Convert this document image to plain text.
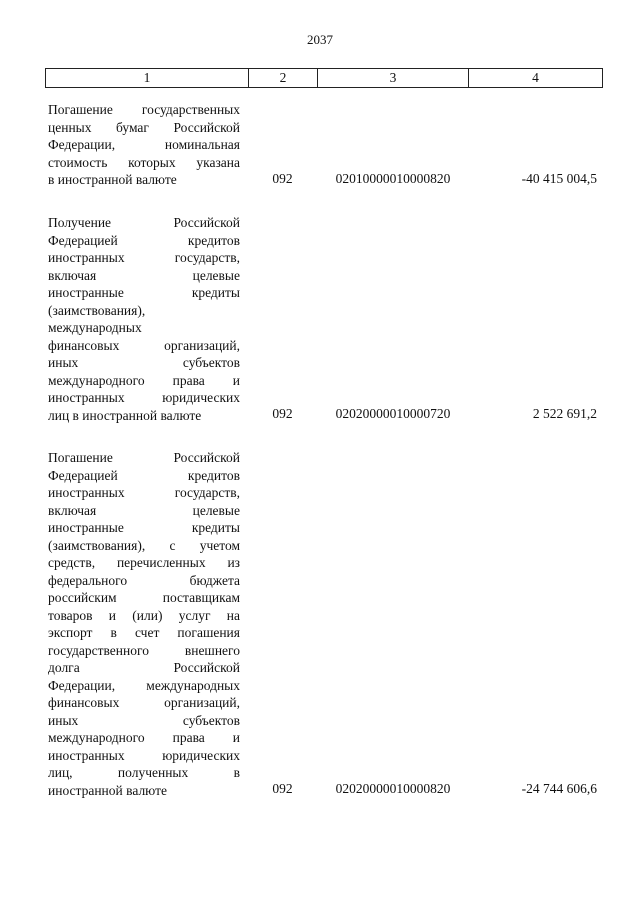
2037
1	2	3	4
Погашение государственных
ценных бумаг Российской
Федерации, номинальная
стоимость которых указана
в иностранной валюте	092	02010000010000820	-40 415 004,5
Получение Российской
Федерацией кредитов
иностранных государств,
включая целевые
иностранные кредиты
(заимствования),
международных
финансовых организаций,
иных субъектов
международного права и
иностранных юридических
лиц в иностранной валюте	092	02020000010000720	2 522 691,2
Погашение Российской
Федерацией кредитов
иностранных государств,
включая целевые
иностранные кредиты
(заимствования), с учетом
средств, перечисленных из
федерального бюджета
российским поставщикам
товаров и (или) услуг на
экспорт в счет погашения
государственного внешнего
долга Российской
Федерации, международных
финансовых организаций,
иных субъектов
международного права и
иностранных юридических
лиц, полученных в
иностранной валюте	092	02020000010000820	-24 744 606,6
